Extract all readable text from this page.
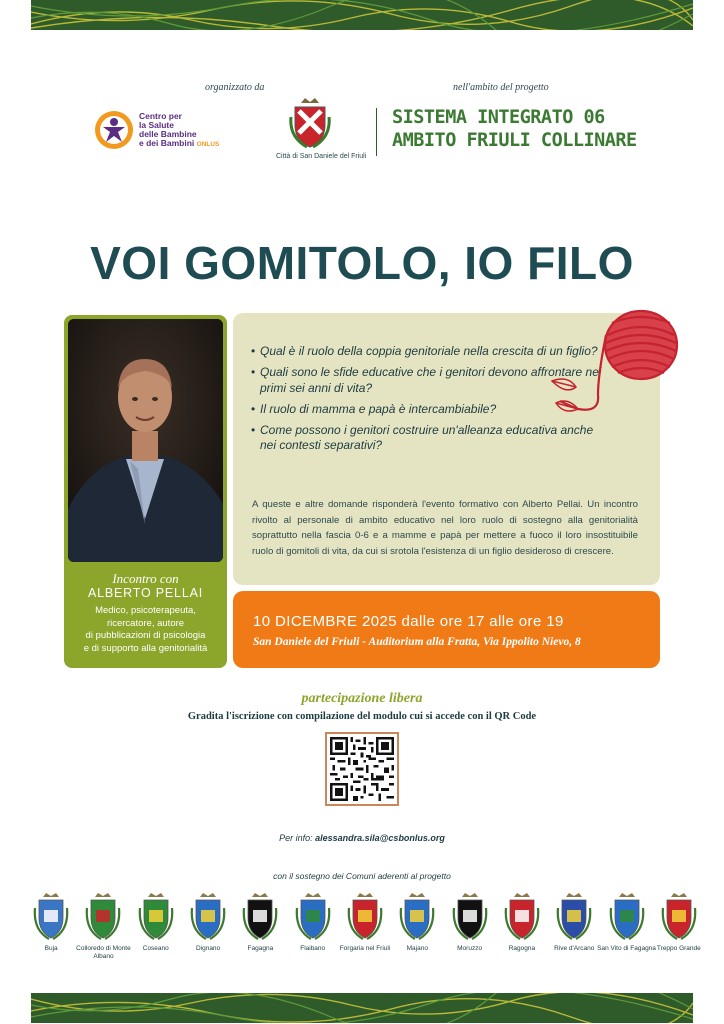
organizzato da	nell'ambito del progetto
Centro per
la Salute
delle Bambine
e dei Bambini ONLUS
Città di San Daniele del Friuli
SISTEMA INTEGRATO 06
AMBITO FRIULI COLLINARE
VOI GOMITOLO, IO FILO
Incontro con
ALBERTO PELLAI
Medico, psicoterapeuta,
ricercatore, autore
di pubblicazioni di psicologia
e di supporto alla genitorialità
• Qual è il ruolo della coppia genitoriale nella crescita di un figlio?
• Quali sono le sfide educative che i genitori devono affrontare nei primi sei anni di vita?
• Il ruolo di mamma e papà è intercambiabile?
• Come possono i genitori costruire un'alleanza educativa anche nei contesti separativi?

A queste e altre domande risponderà l'evento formativo con Alberto Pellai. Un incontro rivolto al personale di ambito educativo nel loro ruolo di sostegno alla genitorialità soprattutto nella fascia 0-6 e a mamme e papà per mettere a fuoco il loro insostituibile ruolo di gomitoli di vita, da cui si srotola l'esistenza di un figlio desideroso di crescere.

10 DICEMBRE 2025 dalle ore 17 alle ore 19
San Daniele del Friuli - Auditorium alla Fratta, Via Ippolito Nievo, 8
partecipazione libera
Gradita l'iscrizione con compilazione del modulo cui si accede con il QR Code
Per info: alessandra.sila@csbonlus.org
con il sostegno dei Comuni aderenti al progetto
Buja	Colloredo di Monte Albano
Coseano	Dignano	Fagagna	Flaibano	Forgaria nel Friuli	Majano	Moruzzo	Ragogna	Rive d'Arcano San Vito di Fagagna Treppo Grande
